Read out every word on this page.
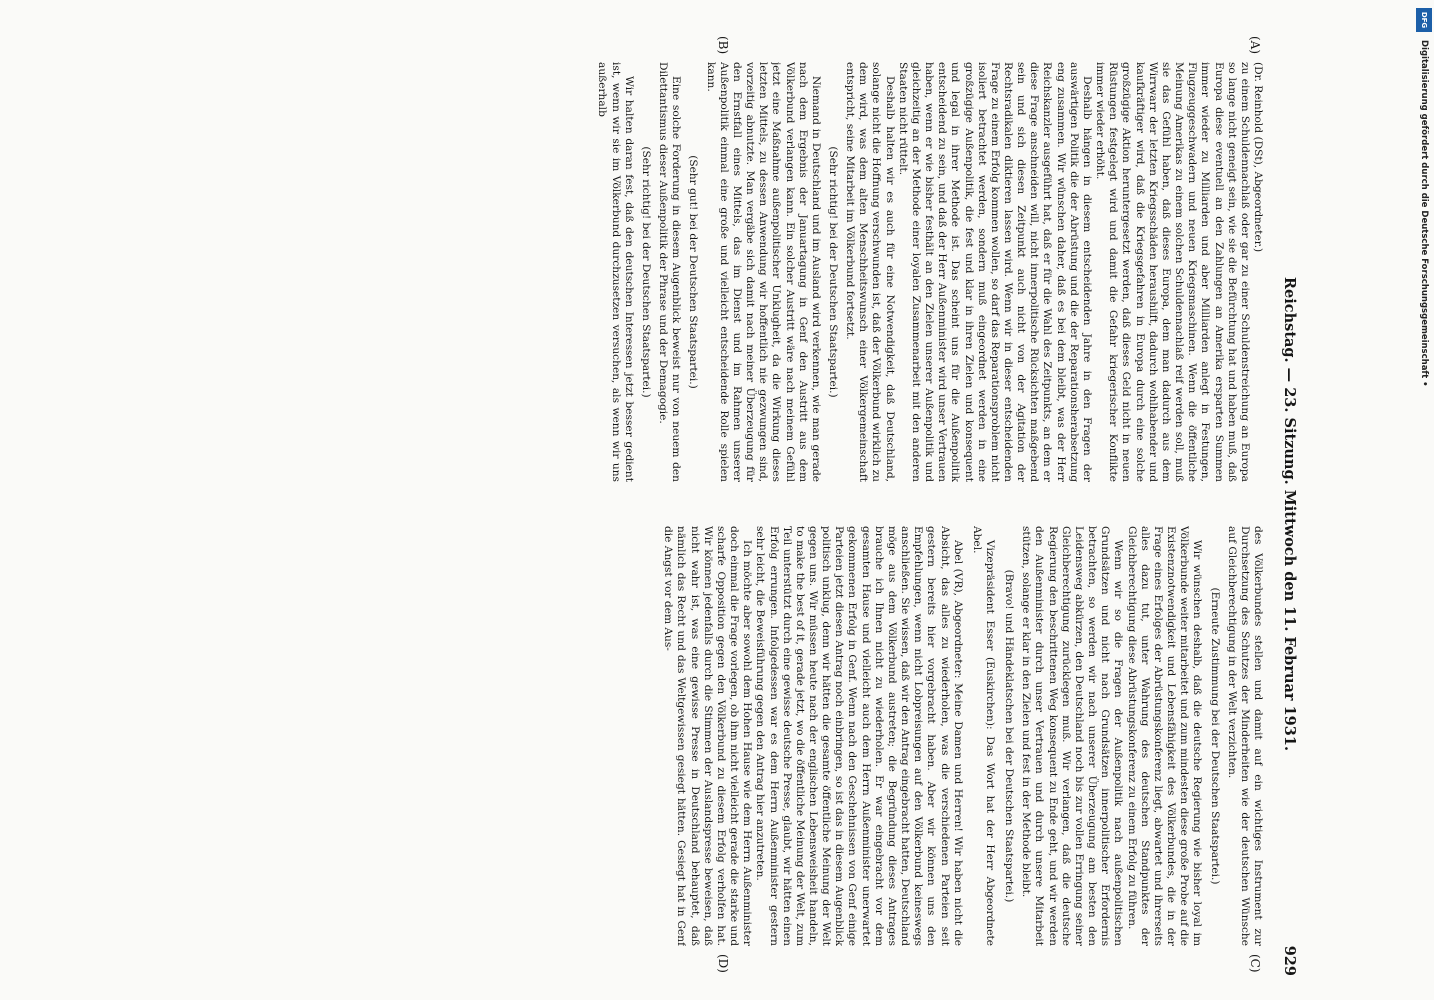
Reichstag. — 23. Sitzung. Mittwoch den 11. Februar 1931.
929
(A)
(B)
(C)
(D)

(Dr. Reinhold (DSt), Abgeordneter.)

zu einem Schuldennachlaß oder gar zu einer Schuldenstreichung an Europa so lange nicht geneigt sein, wie sie die Befürchtung hat und haben muß, daß Europa diese eventuell an den Zahlungen an Amerika ersparten Summen immer wieder zu Milliarden und aber Milliarden anlegt in Festungen, Flugzeuggeschwadern und neuen Kriegsmaschinen. Wenn die öffentliche Meinung Amerikas zu einem solchen Schuldennachlaß reif werden soll, muß sie das Gefühl haben, daß dieses Europa, dem man dadurch aus dem Wirrwarr der letzten Kriegsschäden heraushilft, dadurch wohlhabender und kaufkräftiger wird, daß die Kriegsgefahren in Europa durch eine solche großzügige Aktion heruntergesetzt werden, daß dieses Geld nicht in neuen Rüstungen festgelegt wird und damit die Gefahr kriegerischer Konflikte immer wieder erhöht.

Deshalb hängen in diesem entscheidenden Jahre in den Fragen der auswärtigen Politik die der Abrüstung und die der Reparationsherabsetzung eng zusammen. Wir wünschen daher, daß es bei dem bleibt, was der Herr Reichskanzler ausgeführt hat, daß er für die Wahl des Zeitpunkts, an dem er diese Frage anschneiden will, nicht innerpolitische Rücksichten maßgebend sein und sich diesen Zeitpunkt auch nicht von der Agitation der Rechtsradikalen diktieren lassen wird. Wenn wir in dieser entscheidenden Frage zu einem Erfolg kommen wollen, so darf das Reparationsproblem nicht isoliert betrachtet werden, sondern muß eingeordnet werden in eine großzügige Außenpolitik, die fest und klar in ihren Zielen und konsequent und legal in ihrer Methode ist. Das scheint uns für die Außenpolitik entscheidend zu sein, und daß der Herr Außenminister wird unser Vertrauen haben, wenn er wie bisher festhält an den Zielen unserer Außenpolitik und gleichzeitig an der Methode einer loyalen Zusammenarbeit mit den anderen Staaten nicht rüttelt.

Deshalb halten wir es auch für eine Notwendigkeit, daß Deutschland, solange nicht die Hoffnung verschwunden ist, daß der Völkerbund wirklich zu dem wird, was dem alten Menschheitswunsch einer Völkergemeinschaft entspricht, seine Mitarbeit im Völkerbund fortsetzt.

(Sehr richtig! bei der Deutschen Staatspartei.)

Niemand in Deutschland und im Ausland wird verkennen, wie man gerade nach dem Ergebnis der Januartagung in Genf den Austritt aus dem Völkerbund verlangen kann. Ein solcher Austritt wäre nach meinem Gefühl jetzt eine Maßnahme außenpolitischer Unklugheit, da die Wirkung dieses letzten Mittels, zu dessen Anwendung wir hoffentlich nie gezwungen sind, vorzeitig abnutzte. Man vergäbe sich damit nach meiner Überzeugung für den Ernstfall eines Mittels, das im Dienst und im Rahmen unserer Außenpolitik einmal eine große und vielleicht entscheidende Rolle spielen kann.

(Sehr gut! bei der Deutschen Staatspartei.)

Eine solche Forderung in diesem Augenblick beweist nur von neuem den Dilettantismus dieser Außenpolitik der Phrase und der Demagogie.

(Sehr richtig! bei der Deutschen Staatspartei.)

Wir halten daran fest, daß den deutschen Interessen jetzt besser gedient ist, wenn wir sie im Völkerbund durchzusetzen versuchen, als wenn wir uns außerhalb

des Völkerbundes stellen und damit auf ein wichtiges Instrument zur Durchsetzung des Schutzes der Minderheiten wie der deutschen Wünsche auf Gleichberechtigung in der Welt verzichten.

(Erneute Zustimmung bei der Deutschen Staatspartei.)

Wir wünschen deshalb, daß die deutsche Regierung wie bisher loyal im Völkerbunde weiter mitarbeitet und zum mindesten diese große Probe auf die Existenznotwendigkeit und Lebensfähigkeit des Völkerbundes, die in der Frage eines Erfolges der Abrüstungskonferenz liegt, abwartet und ihrerseits alles dazu tut, unter Wahrung des deutschen Standpunktes der Gleichberechtigung diese Abrüstungskonferenz zu einem Erfolg zu führen.

Wenn wir so die Fragen der Außenpolitik nach außenpolitischen Grundsätzen und nicht nach Grundsätzen innerpolitischer Erfordernis betrachten, so werden wir nach unserer Überzeugung am besten den Leidensweg abkürzen, den Deutschland noch bis zur vollen Erringung seiner Gleichberechtigung zurücklegen muß. Wir verlangen, daß die deutsche Regierung den beschrittenen Weg konsequent zu Ende geht, und wir werden den Außenminister durch unser Vertrauen und durch unsere Mitarbeit stützen, solange er klar in den Zielen und fest in der Methode bleibt.

(Bravo! und Händeklatschen bei der Deutschen Staatspartei.)

Vizepräsident Esser (Euskirchen): Das Wort hat der Herr Abgeordnete Abel.

Abel (VR), Abgeordneter: Meine Damen und Herren! Wir haben nicht die Absicht, das alles zu wiederholen, was die verschiedenen Parteien seit gestern bereits hier vorgebracht haben. Aber wir können uns den Empfehlungen, wenn nicht Lobpreisungen auf den Völkerbund keineswegs anschließen. Sie wissen, daß wir den Antrag eingebracht hatten, Deutschland möge aus dem Völkerbund austreten; die Begründung dieses Antrages brauche ich Ihnen nicht zu wiederholen. Er war eingebracht vor dem gesamten Hause und vielleicht auch dem Herrn Außenminister unerwartet gekommenen Erfolg in Genf. Wenn nach den Geschehnissen von Genf einige Parteien jetzt diesen Antrag noch einbringen, so ist das in diesem Augenblick politisch unklug, denn wir hätten die gesamte öffentliche Meinung der Welt gegen uns. Wir müssen heute nach der englischen Lebensweisheit handeln, to make the best of it, gerade jetzt, wo die öffentliche Meinung der Welt, zum Teil unterstützt durch eine gewisse deutsche Presse, glaubt, wir hätten einen Erfolg errungen. Infolgedessen war es dem Herrn Außenminister gestern sehr leicht, die Beweisführung gegen den Antrag hier anzutreten.

Ich möchte aber sowohl dem Hohen Hause wie dem Herrn Außenminister doch einmal die Frage vorlegen, ob ihm nicht vielleicht gerade die starke und scharfe Opposition gegen den Völkerbund zu diesem Erfolg verholfen hat. Wir können jedenfalls durch die Stimmen der Auslandspresse beweisen, daß nicht wahr ist, was eine gewisse Presse in Deutschland behauptet, daß nämlich das Recht und das Weltgewissen gesiegt hätten. Gesiegt hat in Genf die Angst vor dem Aus-

DFG
Digitalisierung gefördert durch die Deutsche Forschungsgemeinschaft •
